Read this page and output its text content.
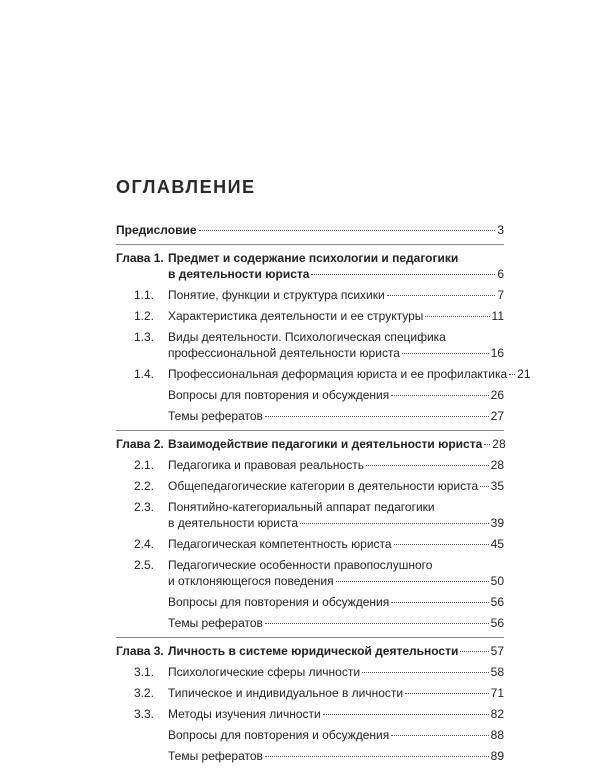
ОГЛАВЛЕНИЕ
Предисловие	3
Глава 1. Предмет и содержание психологии и педагогики
в деятельности юриста	6
1.1. Понятие, функции и структура психики	7
1.2. Характеристика деятельности и ее структуры	11
1.3. Виды деятельности. Психологическая специфика
профессиональной деятельности юриста	16
1.4. Профессиональная деформация юриста и ее профилактика 21
Вопросы для повторения и обсуждения	26
Темы рефератов	27
Глава 2. Взаимодействие педагогики и деятельности юриста 28
2.1. Педагогика и правовая реальность	28
2.2. Общепедагогические категории в деятельности юриста 35
2.3. Понятийно-категориальный аппарат педагогики
в деятельности юриста	39
2.4. Педагогическая компетентность юриста	45
2.5. Педагогические особенности правопослушного
и отклоняющегося поведения	50
Вопросы для повторения и обсуждения	56
Темы рефератов	56
Глава 3. Личность в системе юридической деятельности	57
3.1. Психологические сферы личности	58
3.2. Типическое и индивидуальное в личности	71
3.3. Методы изучения личности	82
Вопросы для повторения и обсуждения	88
Темы рефератов	89
